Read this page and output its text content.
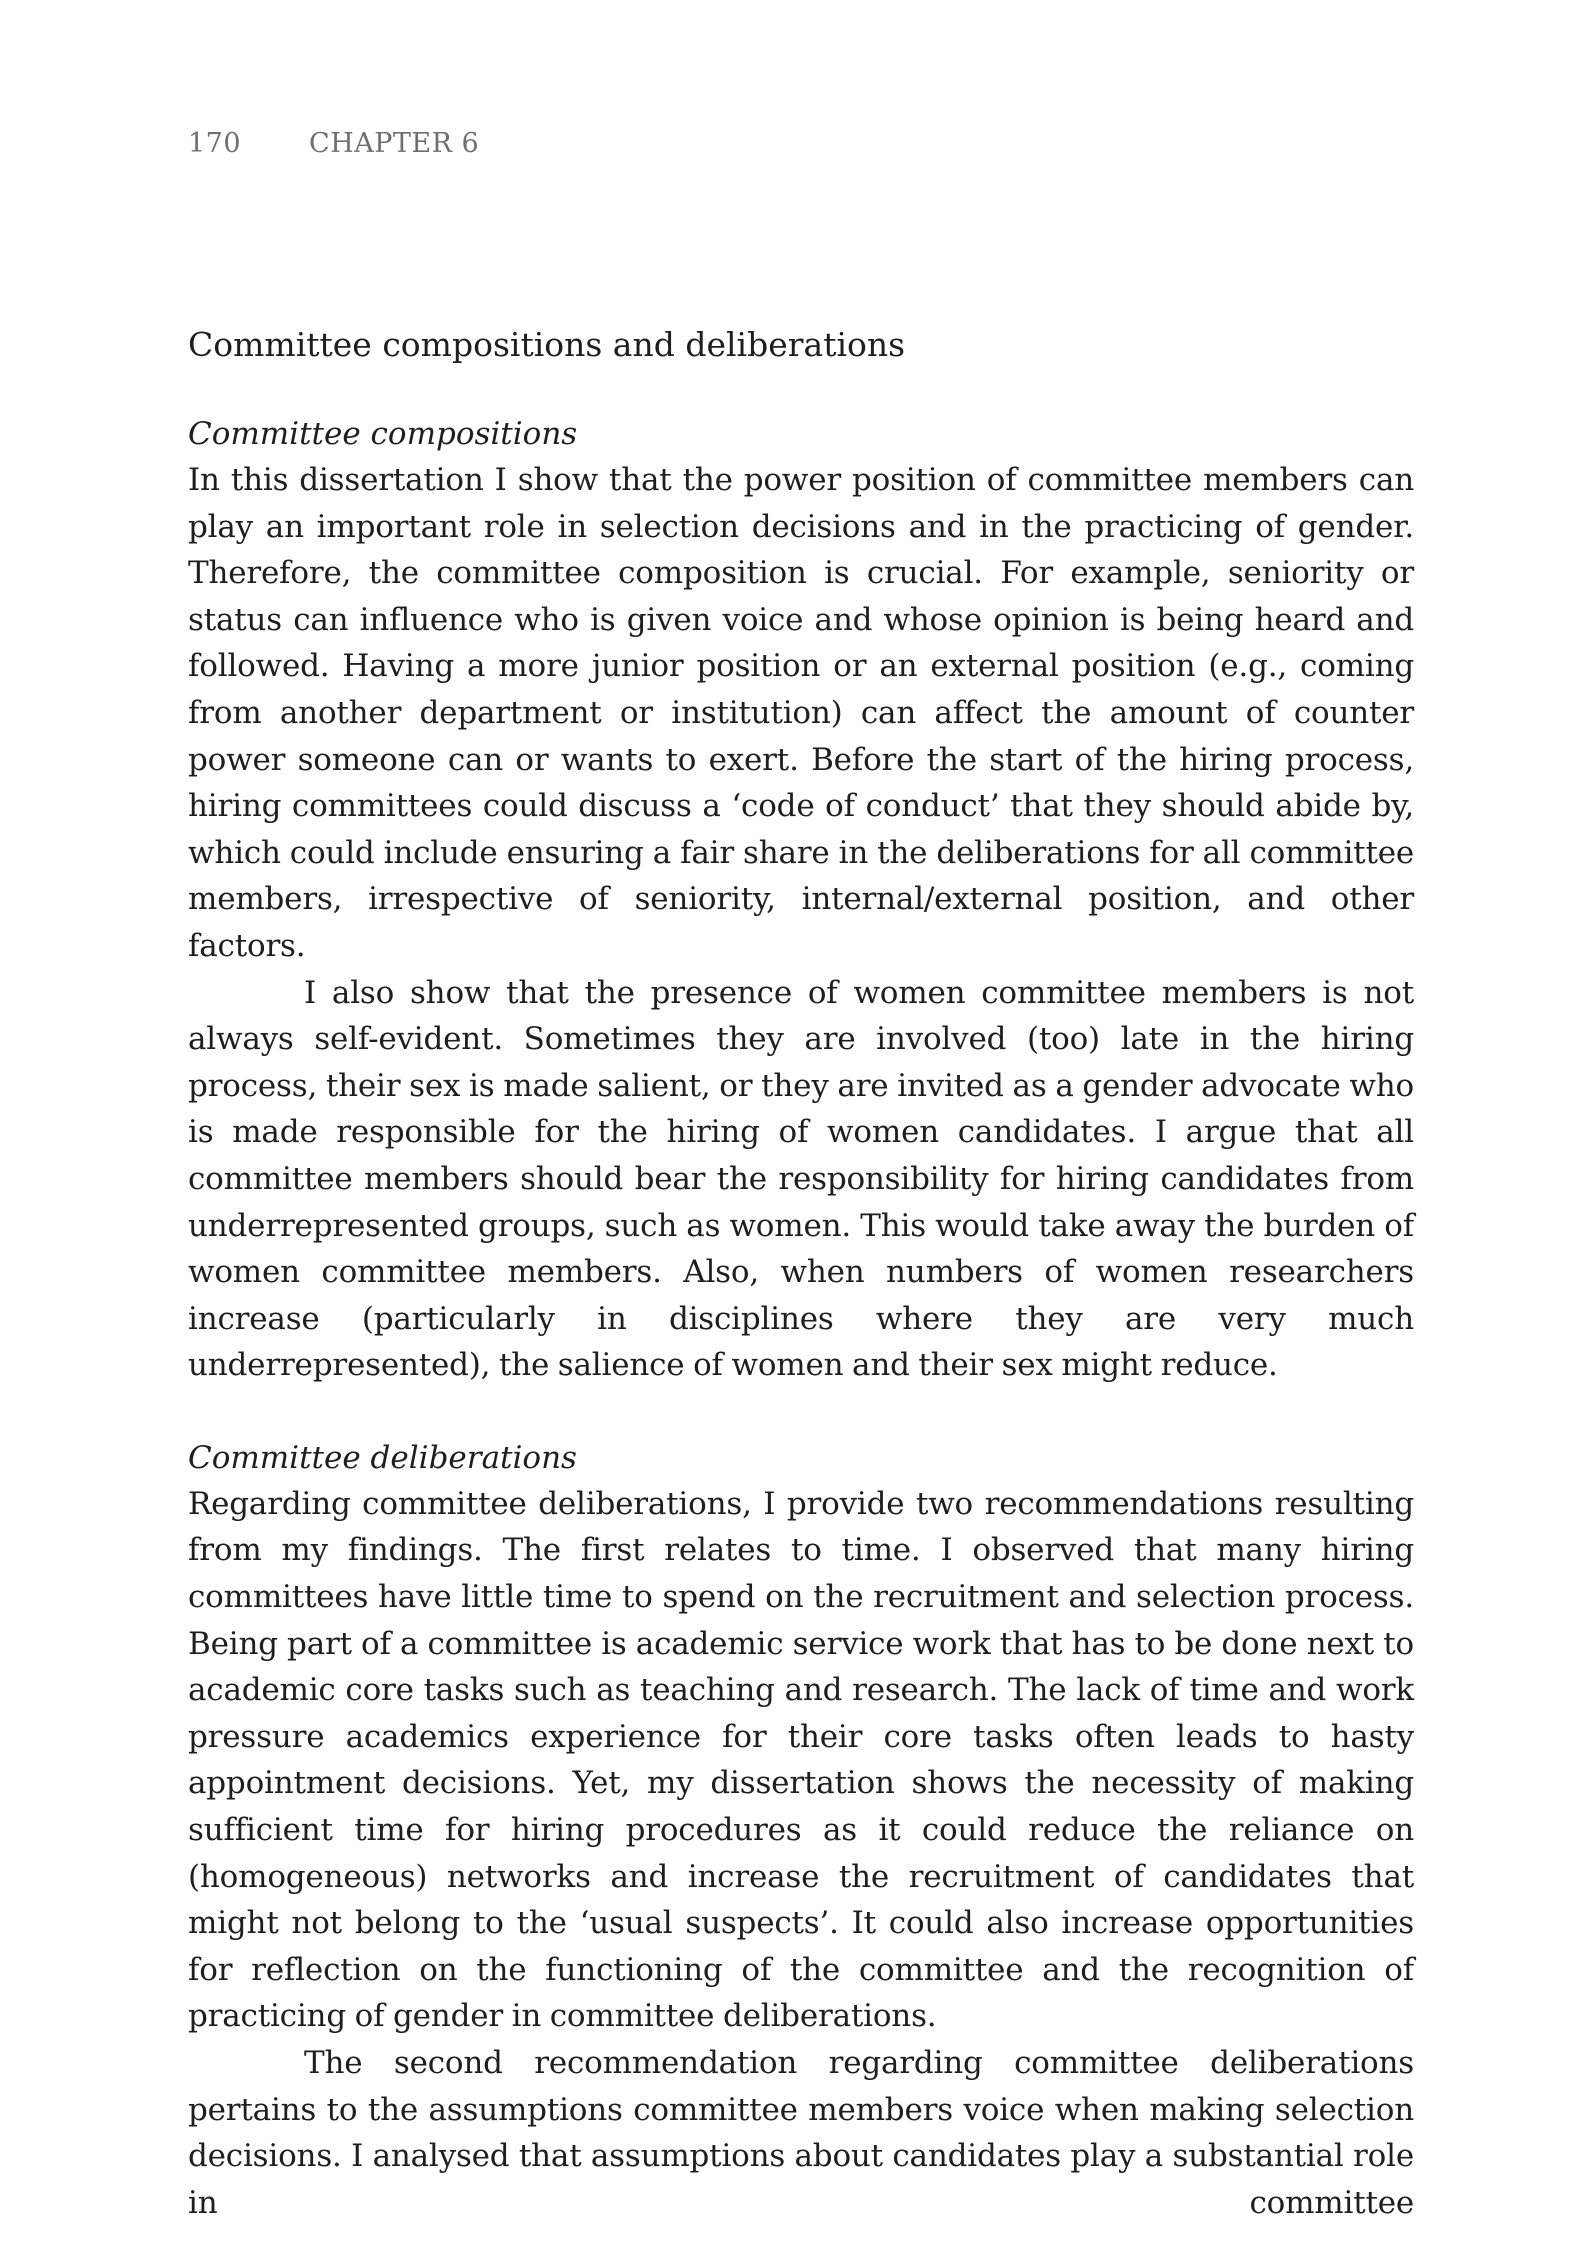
170	CHAPTER 6
Committee compositions and deliberations
Committee compositions

In this dissertation I show that the power position of committee members can play an important role in selection decisions and in the practicing of gender. Therefore, the committee composition is crucial. For example, seniority or status can influence who is given voice and whose opinion is being heard and followed. Having a more junior position or an external position (e.g., coming from another department or institution) can affect the amount of counter power someone can or wants to exert. Before the start of the hiring process, hiring committees could discuss a ‘code of conduct’ that they should abide by, which could include ensuring a fair share in the deliberations for all committee members, irrespective of seniority, internal/external position, and other factors.

I also show that the presence of women committee members is not always self-evident. Sometimes they are involved (too) late in the hiring process, their sex is made salient, or they are invited as a gender advocate who is made responsible for the hiring of women candidates. I argue that all committee members should bear the responsibility for hiring candidates from underrepresented groups, such as women. This would take away the burden of women committee members. Also, when numbers of women researchers increase (particularly in disciplines where they are very much underrepresented), the salience of women and their sex might reduce.

Committee deliberations

Regarding committee deliberations, I provide two recommendations resulting from my findings. The first relates to time. I observed that many hiring committees have little time to spend on the recruitment and selection process. Being part of a committee is academic service work that has to be done next to academic core tasks such as teaching and research. The lack of time and work pressure academics experience for their core tasks often leads to hasty appointment decisions. Yet, my dissertation shows the necessity of making sufficient time for hiring procedures as it could reduce the reliance on (homogeneous) networks and increase the recruitment of candidates that might not belong to the ‘usual suspects’. It could also increase opportunities for reflection on the functioning of the committee and the recognition of practicing of gender in committee deliberations.

The second recommendation regarding committee deliberations pertains to the assumptions committee members voice when making selection decisions. I analysed that assumptions about candidates play a substantial role in committee
